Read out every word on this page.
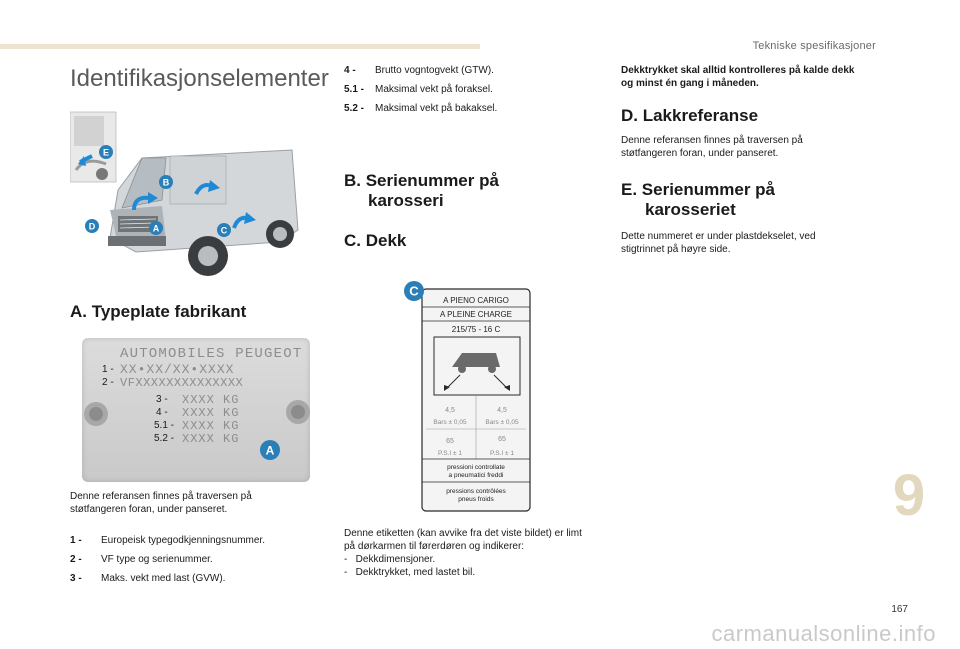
Tekniske spesifikasjoner
9
167
carmanualsonline.info
Identifikasjonselementer
E
B
D	A	C
A. Typeplate fabrikant
AUTOMOBILES PEUGEOT
1 - XX•XX/XX•XXXX
2 - VFXXXXXXXXXXXXXX
3 - XXXX KG
4 - XXXX KG
5.1 - XXXX KG
5.2 - XXXX KG
A

Denne referansen finnes på traversen på støtfangeren foran, under panseret.

1 -	Europeisk typegodkjenningsnummer.
2 -	VF type og serienummer.
3 -	Maks. vekt med last (GVW).
4 -	Brutto vogntogvekt (GTW).
5.1 -	Maksimal vekt på foraksel.
5.2 -	Maksimal vekt på bakaksel.
B. Serienummer på
karosseri
C. Dekk
C
A PIENO CARIGO
A PLEINE CHARGE
215/75 - 16 C
4,5	4,5
Bars ± 0,05	Bars ± 0,05
65	65
P.S.I ± 1	P.S.I ± 1
pressioni controllate
a pneumatici freddi
pressions contrôlées
pneus froids

Denne etiketten (kan avvike fra det viste bildet) er limt på dørkarmen til førerdøren og indikerer:

-   Dekkdimensjoner.
-   Dekktrykket, med lastet bil.

Dekktrykket skal alltid kontrolleres på kalde dekk og minst én gang i måneden.

D. Lakkreferanse

Denne referansen finnes på traversen på støtfangeren foran, under panseret.

E. Serienummer på
karosseriet

Dette nummeret er under plastdekselet, ved stigtrinnet på høyre side.
